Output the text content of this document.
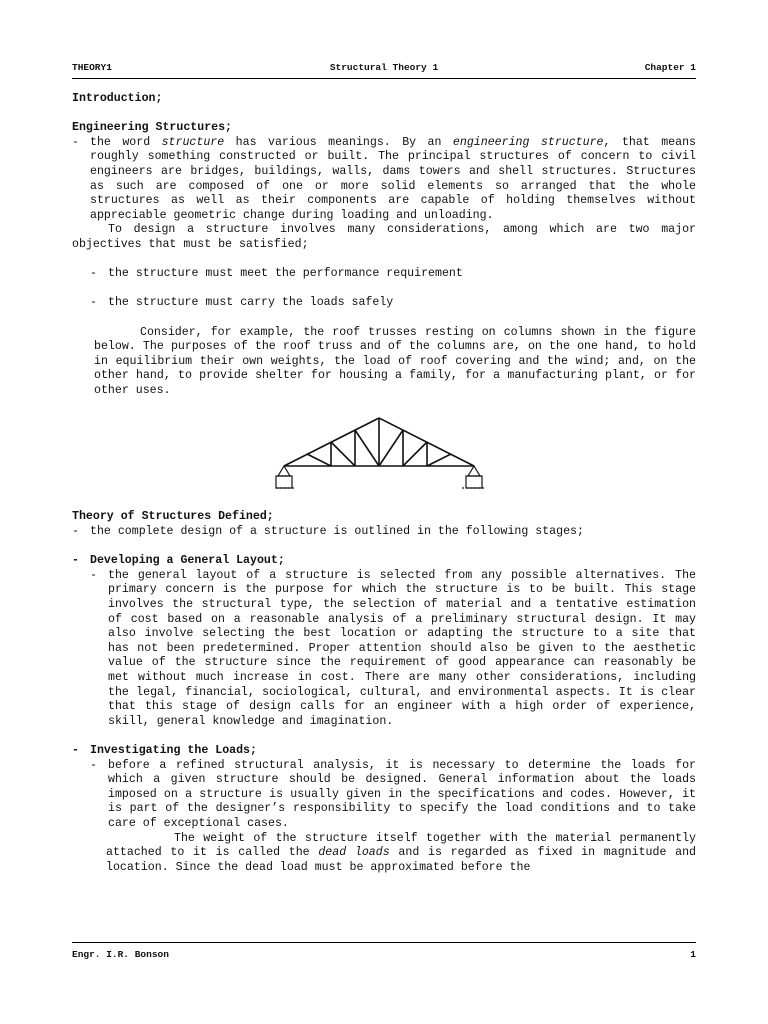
THEORY1	Structural Theory 1	Chapter 1
Introduction;
Engineering Structures;
- the word structure has various meanings. By an engineering structure, that means roughly something constructed or built. The principal structures of concern to civil engineers are bridges, buildings, walls, dams towers and shell structures. Structures as such are composed of one or more solid elements so arranged that the whole structures as well as their components are capable of holding themselves without appreciable geometric change during loading and unloading.
To design a structure involves many considerations, among which are two major objectives that must be satisfied;
- the structure must meet the performance requirement
- the structure must carry the loads safely
Consider, for example, the roof trusses resting on columns shown in the figure below. The purposes of the roof truss and of the columns are, on the one hand, to hold in equilibrium their own weights, the load of roof covering and the wind; and, on the other hand, to provide shelter for housing a family, for a manufacturing plant, or for other uses.
Theory of Structures Defined;
- the complete design of a structure is outlined in the following stages;
- Developing a General Layout;
- the general layout of a structure is selected from any possible alternatives. The primary concern is the purpose for which the structure is to be built. This stage involves the structural type, the selection of material and a tentative estimation of cost based on a reasonable analysis of a preliminary structural design. It may also involve selecting the best location or adapting the structure to a site that has not been predetermined. Proper attention should also be given to the aesthetic value of the structure since the requirement of good appearance can reasonably be met without much increase in cost. There are many other considerations, including the legal, financial, sociological, cultural, and environmental aspects. It is clear that this stage of design calls for an engineer with a high order of experience, skill, general knowledge and imagination.
- Investigating the Loads;
- before a refined structural analysis, it is necessary to determine the loads for which a given structure should be designed. General information about the loads imposed on a structure is usually given in the specifications and codes. However, it is part of the designer’s responsibility to specify the load conditions and to take care of exceptional cases.
The weight of the structure itself together with the material permanently attached to it is called the dead loads and is regarded as fixed in magnitude and location. Since the dead load must be approximated before the
Engr. I.R. Bonson	1
